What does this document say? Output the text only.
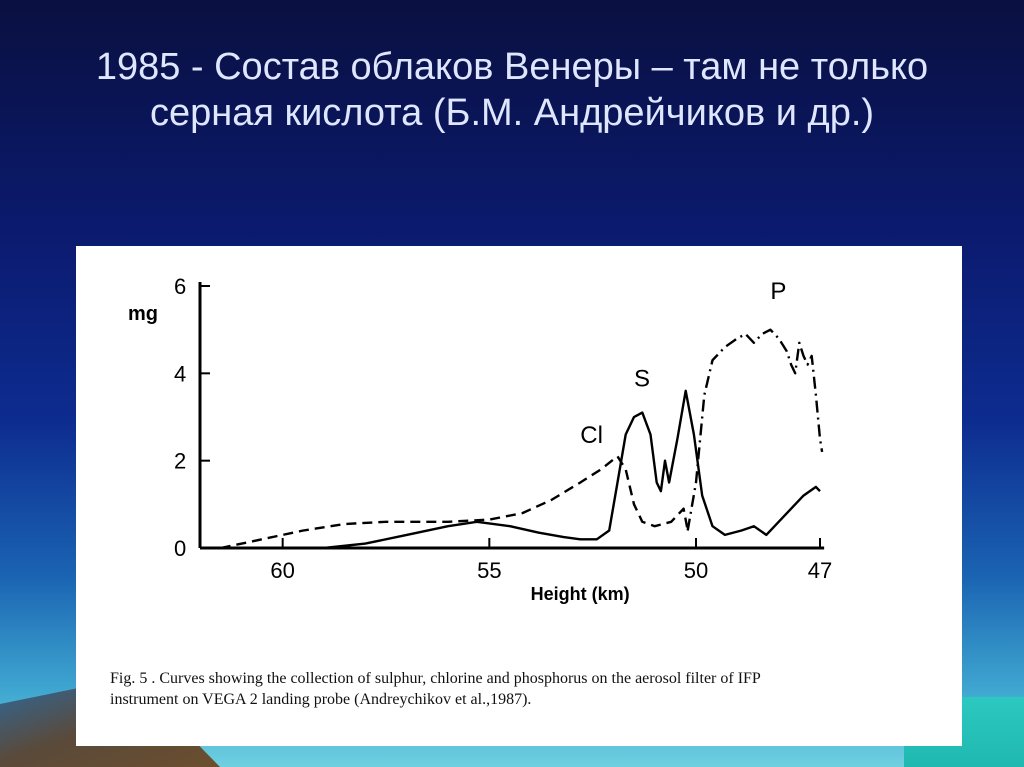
1985 - Состав облаков Венеры – там не только
серная кислота (Б.М. Андрейчиков и др.)
mg
Height (km)
0
2
4
6
60	55	50	47
Cl
S
P
Fig. 5 . Curves showing the collection of sulphur, chlorine and phosphorus on the aerosol filter of IFP
instrument on VEGA 2 landing probe (Andreychikov et al.,1987).
